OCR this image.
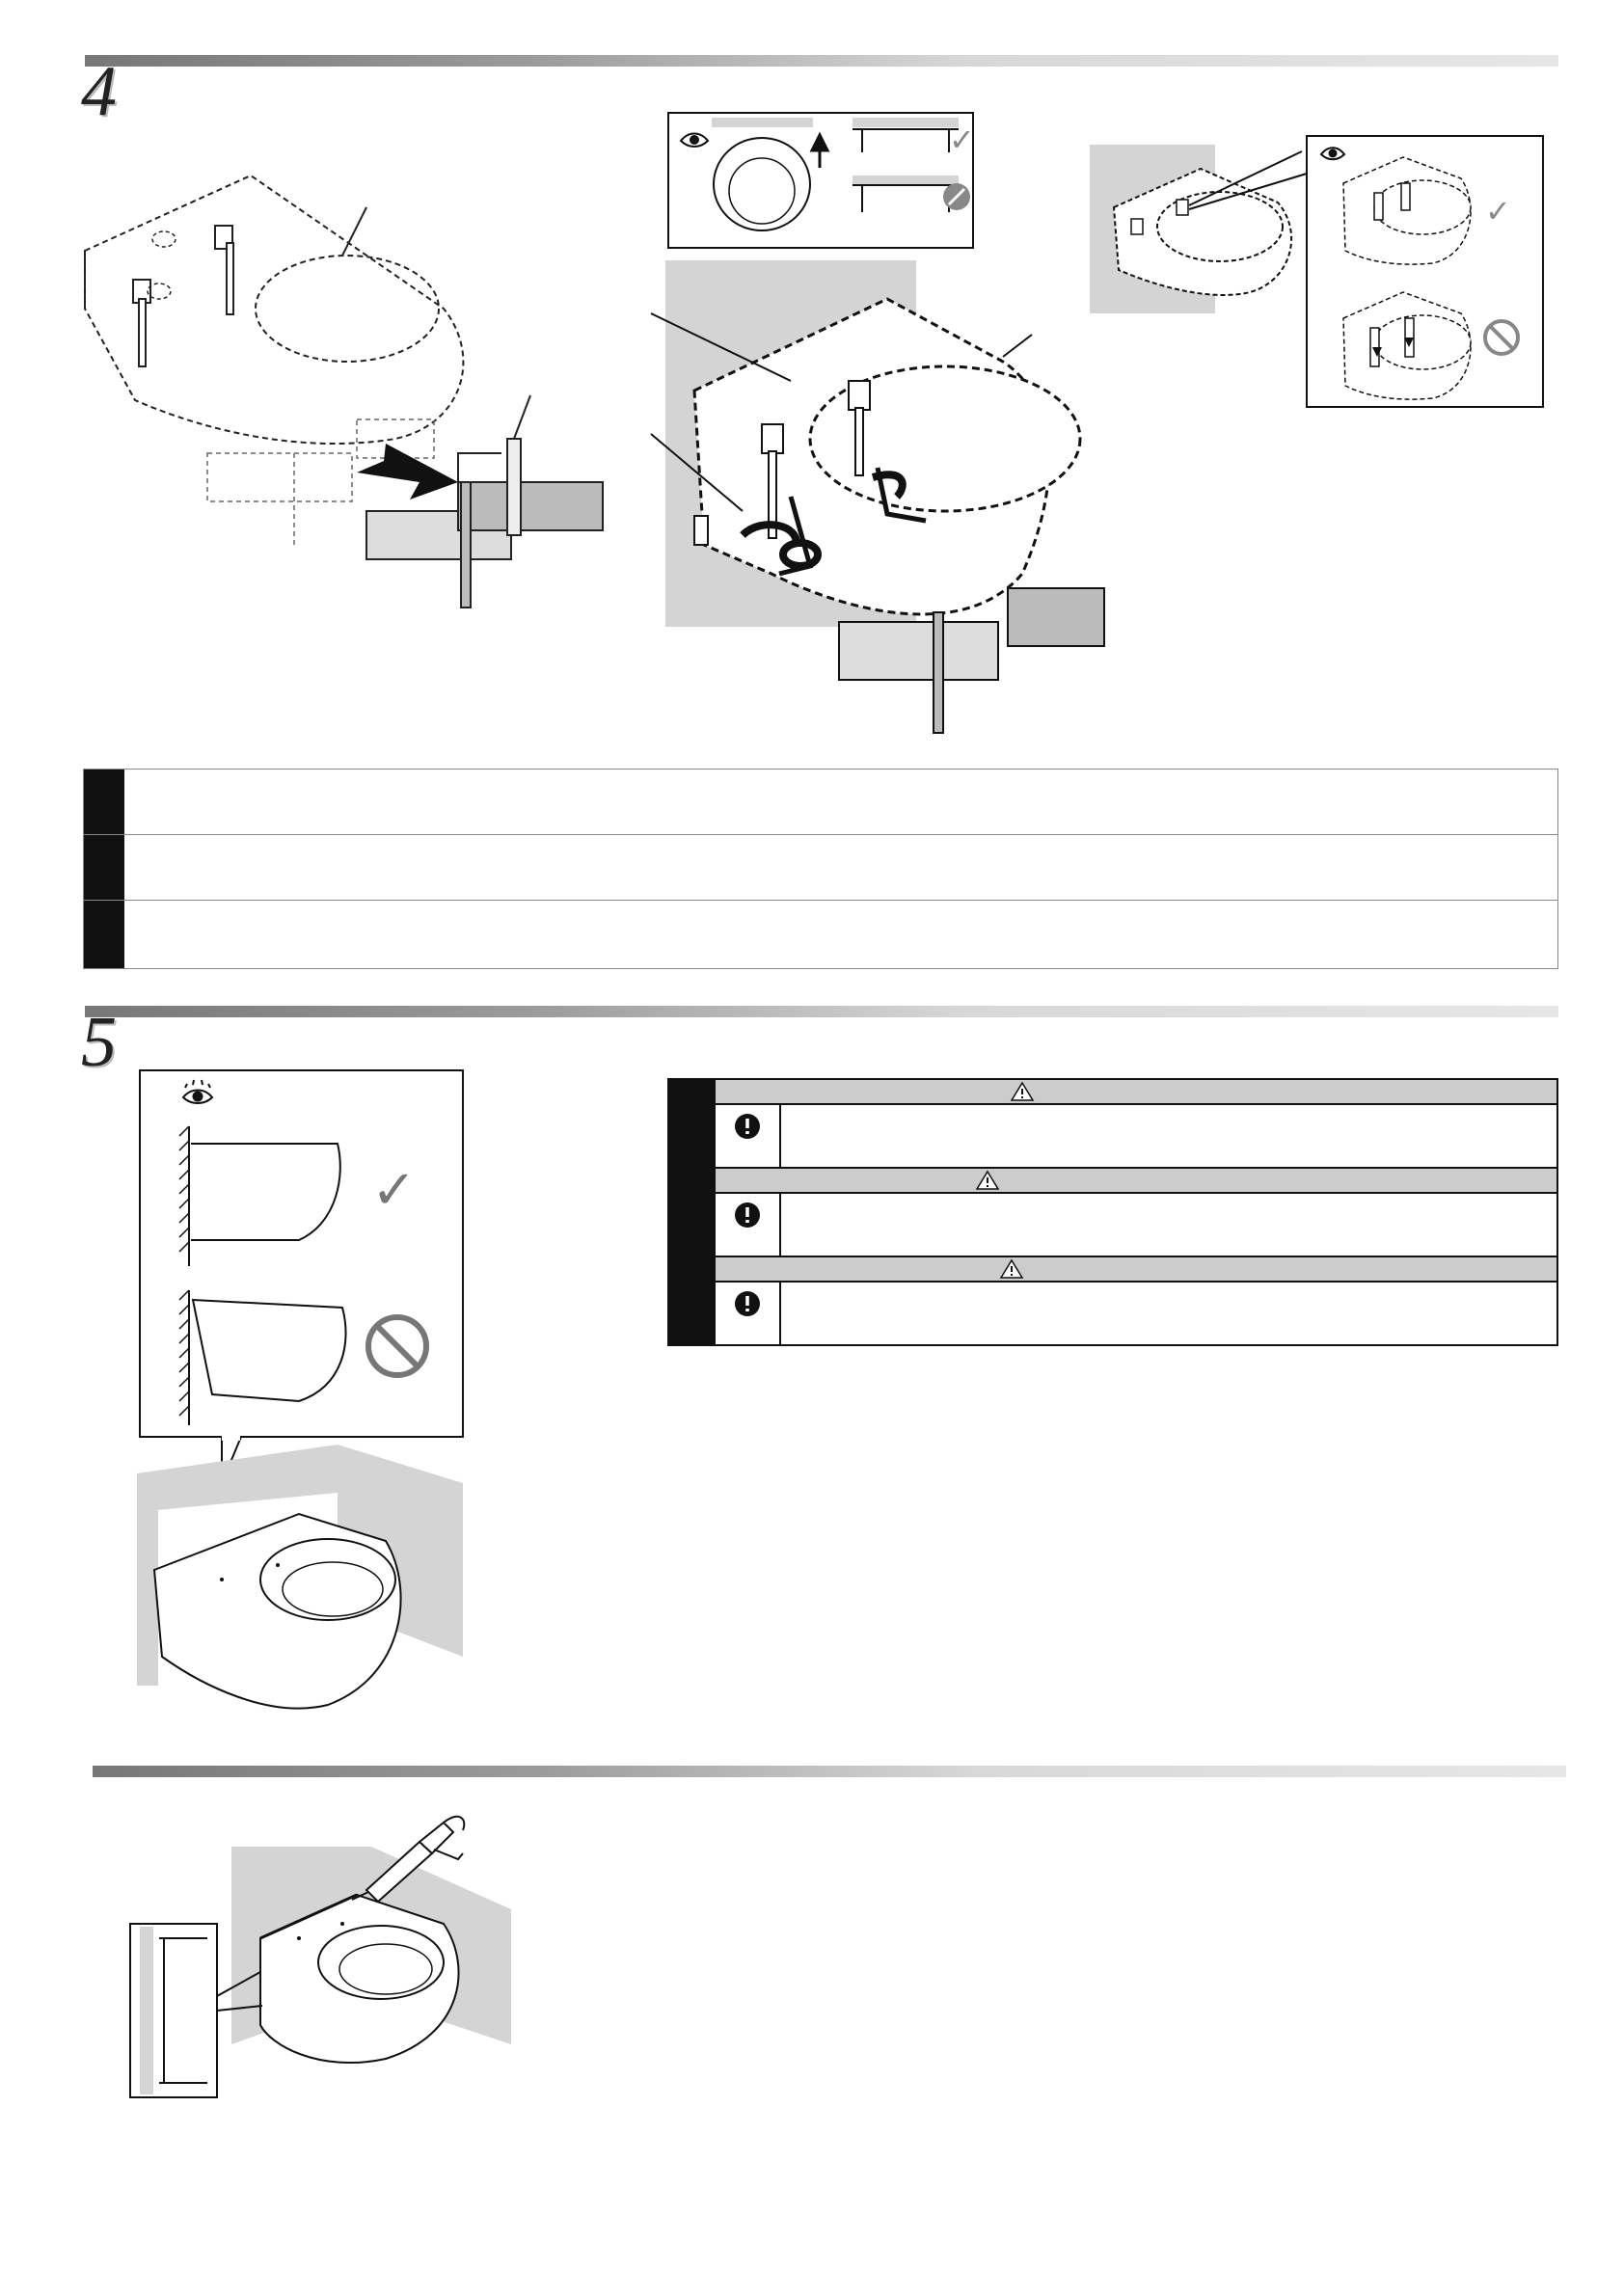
4
✓
✓
5
✓
